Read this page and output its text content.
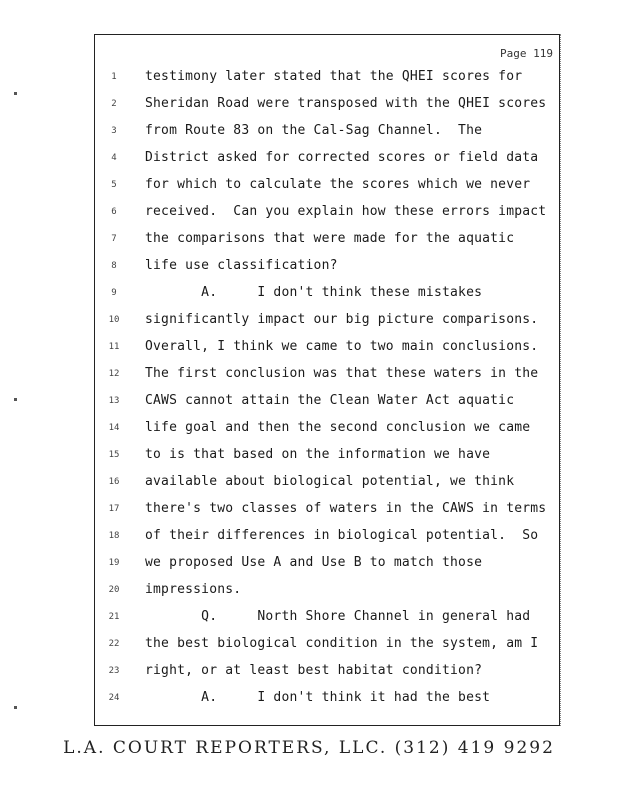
Page 119
1	testimony later stated that the QHEI scores for
2	Sheridan Road were transposed with the QHEI scores
3	from Route 83 on the Cal-Sag Channel.  The
4	District asked for corrected scores or field data
5	for which to calculate the scores which we never
6	received.  Can you explain how these errors impact
7	the comparisons that were made for the aquatic
8	life use classification?
9	A.     I don't think these mistakes
10	significantly impact our big picture comparisons.
11	Overall, I think we came to two main conclusions.
12	The first conclusion was that these waters in the
13	CAWS cannot attain the Clean Water Act aquatic
14	life goal and then the second conclusion we came
15	to is that based on the information we have
16	available about biological potential, we think
17	there's two classes of waters in the CAWS in terms
18	of their differences in biological potential.  So
19	we proposed Use A and Use B to match those
20	impressions.
21	Q.     North Shore Channel in general had
22	the best biological condition in the system, am I
23	right, or at least best habitat condition?
24	A.     I don't think it had the best
L.A. COURT REPORTERS, LLC. (312) 419 9292
